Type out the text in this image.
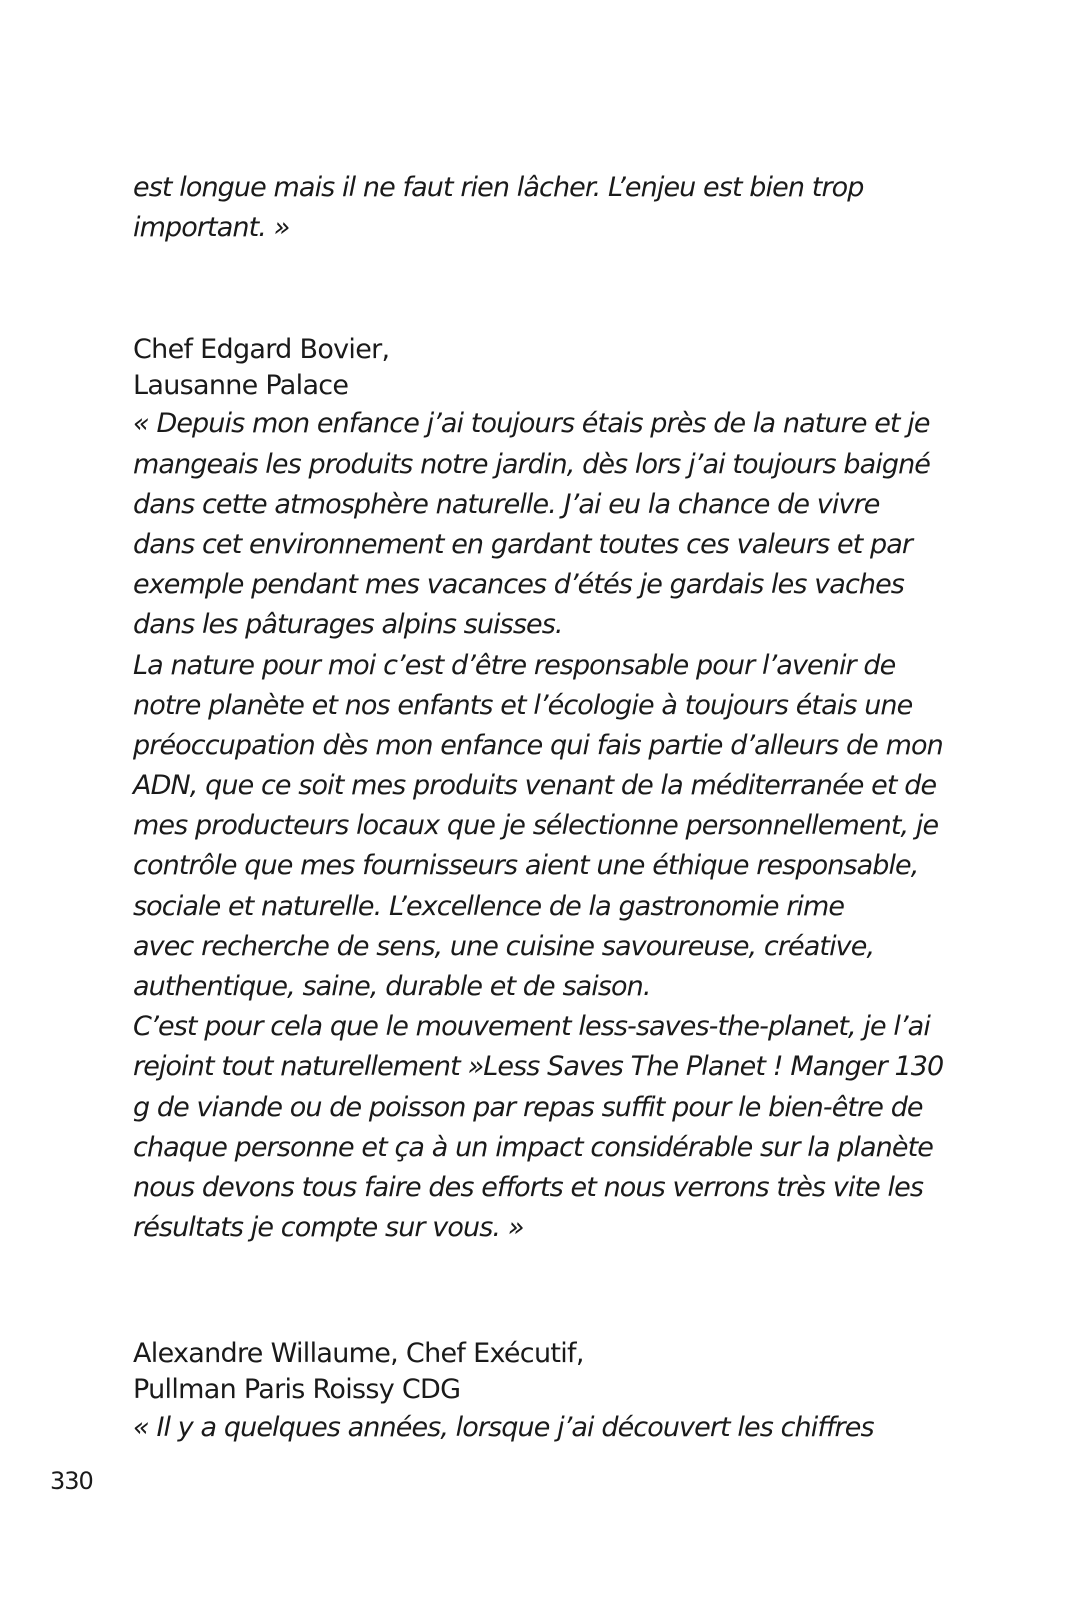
est longue mais il ne faut rien lâcher. L’enjeu est bien trop
important. »
Chef Edgard Bovier,
Lausanne Palace
« Depuis mon enfance j’ai toujours étais près de la nature et je
mangeais les produits notre jardin, dès lors j’ai toujours baigné
dans cette atmosphère naturelle. J’ai eu la chance de vivre
dans cet environnement en gardant toutes ces valeurs et par
exemple pendant mes vacances d’étés je gardais les vaches
dans les pâturages alpins suisses.
La nature pour moi c’est d’être responsable pour l’avenir de
notre planète et nos enfants et l’écologie à toujours étais une
préoccupation dès mon enfance qui fais partie d’alleurs de mon
ADN, que ce soit mes produits venant de la méditerranée et de
mes producteurs locaux que je sélectionne personnellement, je
contrôle que mes fournisseurs aient une éthique responsable,
sociale et naturelle. L’excellence de la gastronomie rime
avec recherche de sens, une cuisine savoureuse, créative,
authentique, saine, durable et de saison.
C’est pour cela que le mouvement less-saves-the-planet, je l’ai
rejoint tout naturellement »Less Saves The Planet ! Manger 130
g de viande ou de poisson par repas suffit pour le bien-être de
chaque personne et ça à un impact considérable sur la planète
nous devons tous faire des efforts et nous verrons très vite les
résultats je compte sur vous. »
Alexandre Willaume, Chef Exécutif,
Pullman Paris Roissy CDG
« Il y a quelques années, lorsque j’ai découvert les chiffres
330
